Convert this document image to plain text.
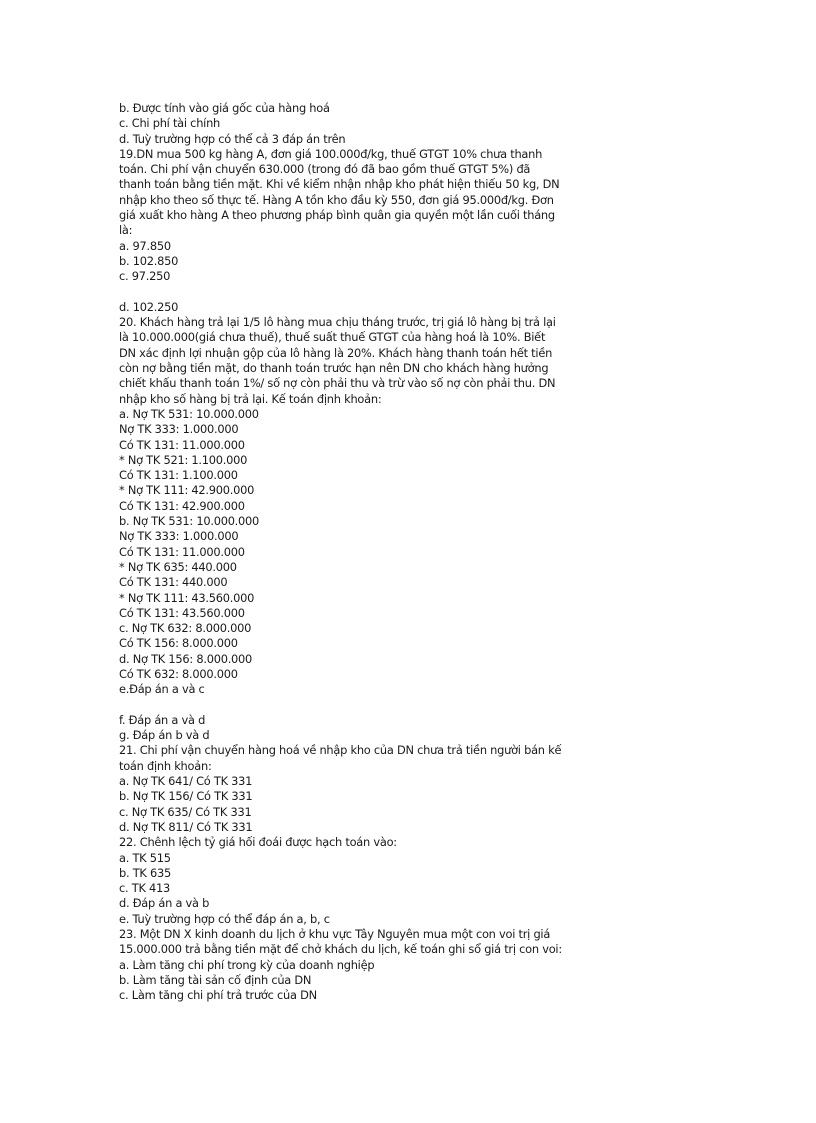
b. Được tính vào giá gốc của hàng hoá
c. Chi phí tài chính
d. Tuỳ trường hợp có thể cả 3 đáp án trên
19.DN mua 500 kg hàng A, đơn giá 100.000đ/kg, thuế GTGT 10% chưa thanh
toán. Chi phí vận chuyển 630.000 (trong đó đã bao gồm thuế GTGT 5%) đã
thanh toán bằng tiền mặt. Khi về kiểm nhận nhập kho phát hiện thiếu 50 kg, DN
nhập kho theo số thực tế. Hàng A tồn kho đầu kỳ 550, đơn giá 95.000đ/kg. Đơn
giá xuất kho hàng A theo phương pháp bình quân gia quyền một lần cuối tháng
là:
a. 97.850
b. 102.850
c. 97.250
d. 102.250
20. Khách hàng trả lại 1/5 lô hàng mua chịu tháng trước, trị giá lô hàng bị trả lại
là 10.000.000(giá chưa thuế), thuế suất thuế GTGT của hàng hoá là 10%. Biết
DN xác định lợi nhuận gộp của lô hàng là 20%. Khách hàng thanh toán hết tiền
còn nợ bằng tiền mặt, do thanh toán trước hạn nên DN cho khách hàng hưởng
chiết khấu thanh toán 1%/ số nợ còn phải thu và trừ vào số nợ còn phải thu. DN
nhập kho số hàng bị trả lại. Kế toán định khoản:
a. Nợ TK 531: 10.000.000
Nợ TK 333: 1.000.000
Có TK 131: 11.000.000
* Nợ TK 521: 1.100.000
Có TK 131: 1.100.000
* Nợ TK 111: 42.900.000
Có TK 131: 42.900.000
b. Nợ TK 531: 10.000.000
Nợ TK 333: 1.000.000
Có TK 131: 11.000.000
* Nợ TK 635: 440.000
Có TK 131: 440.000
* Nợ TK 111: 43.560.000
Có TK 131: 43.560.000
c. Nợ TK 632: 8.000.000
Có TK 156: 8.000.000
d. Nợ TK 156: 8.000.000
Có TK 632: 8.000.000
e.Đáp án a và c
f. Đáp án a và d
g. Đáp án b và d
21. Chi phí vận chuyển hàng hoá về nhập kho của DN chưa trả tiền người bán kế
toán định khoản:
a. Nợ TK 641/ Có TK 331
b. Nợ TK 156/ Có TK 331
c. Nợ TK 635/ Có TK 331
d. Nợ TK 811/ Có TK 331
22. Chênh lệch tỷ giá hối đoái được hạch toán vào:
a. TK 515
b. TK 635
c. TK 413
d. Đáp án a và b
e. Tuỳ trường hợp có thể đáp án a, b, c
23. Một DN X kinh doanh du lịch ở khu vực Tây Nguyên mua một con voi trị giá
15.000.000 trả bằng tiền mặt để chở khách du lịch, kế toán ghi sổ giá trị con voi:
a. Làm tăng chi phí trong kỳ của doanh nghiệp
b. Làm tăng tài sản cố định của DN
c. Làm tăng chi phí trả trước của DN
